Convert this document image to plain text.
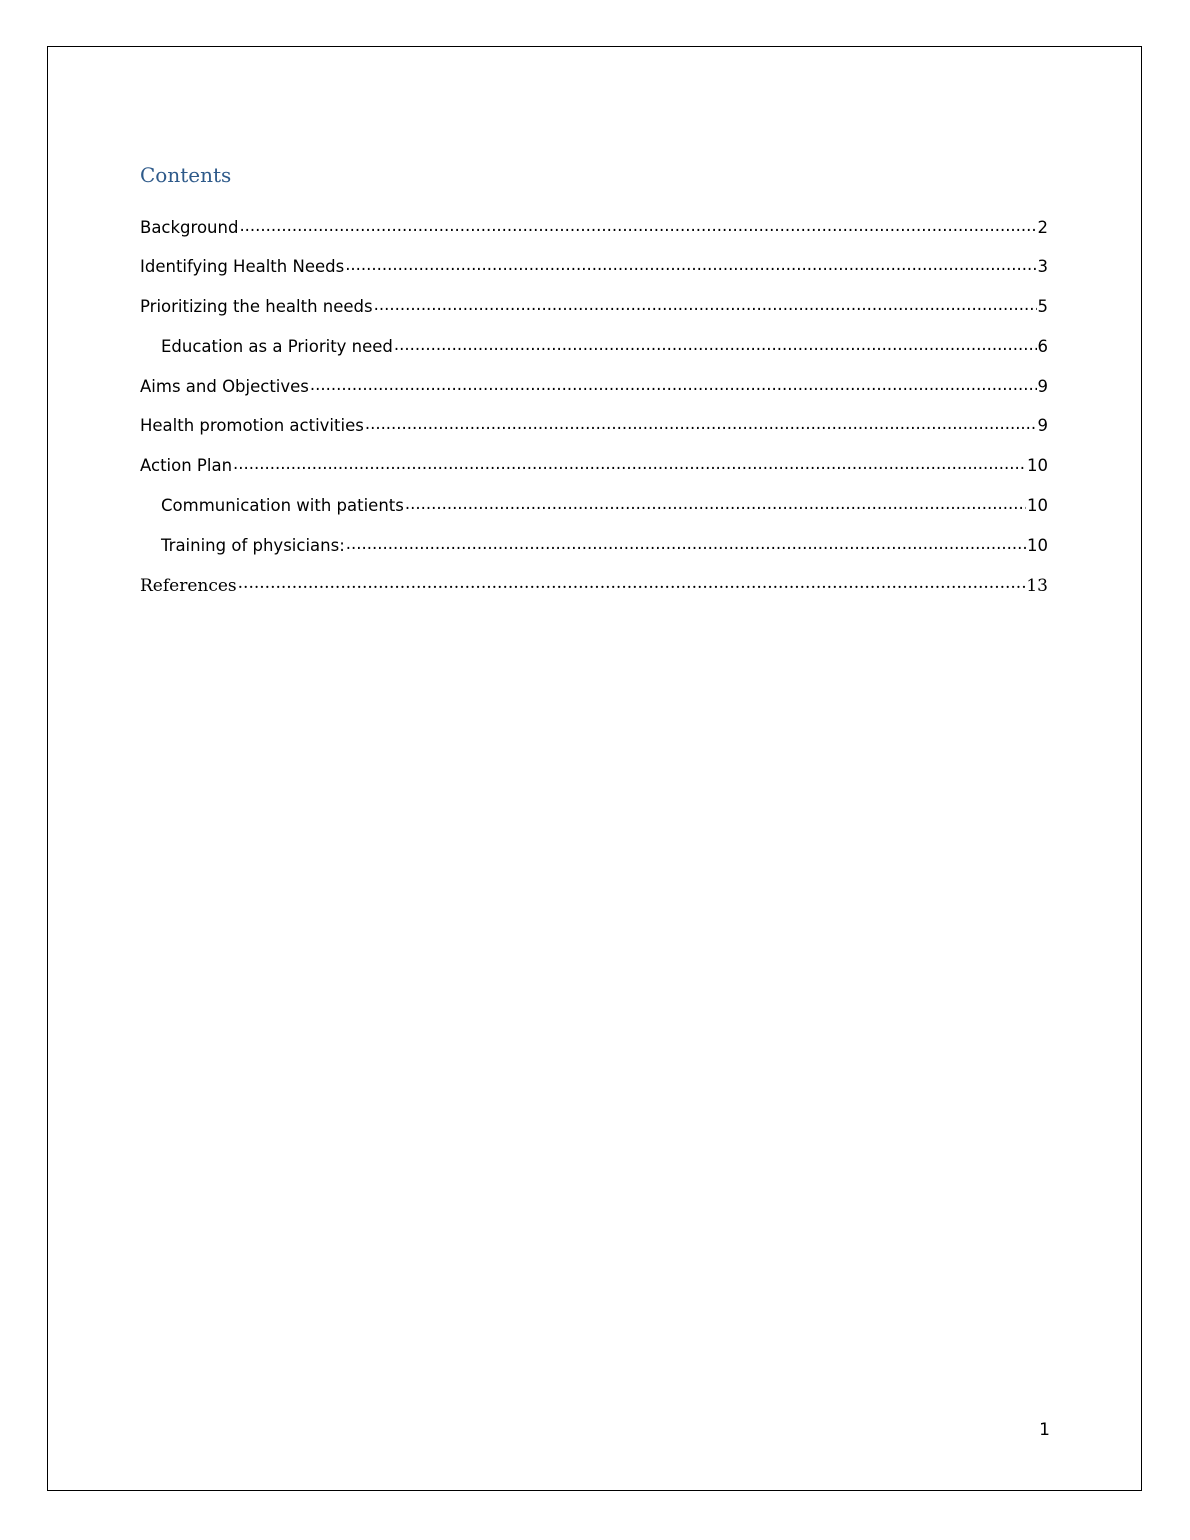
Contents
Background .....	2
Identifying Health Needs .....	3
Prioritizing the health needs .....	5
Education as a Priority need .....	6
Aims and Objectives .....	9
Health promotion activities .....	9
Action Plan .....	10
Communication with patients .....	10
Training of physicians: .....	10
References .....	13
1
